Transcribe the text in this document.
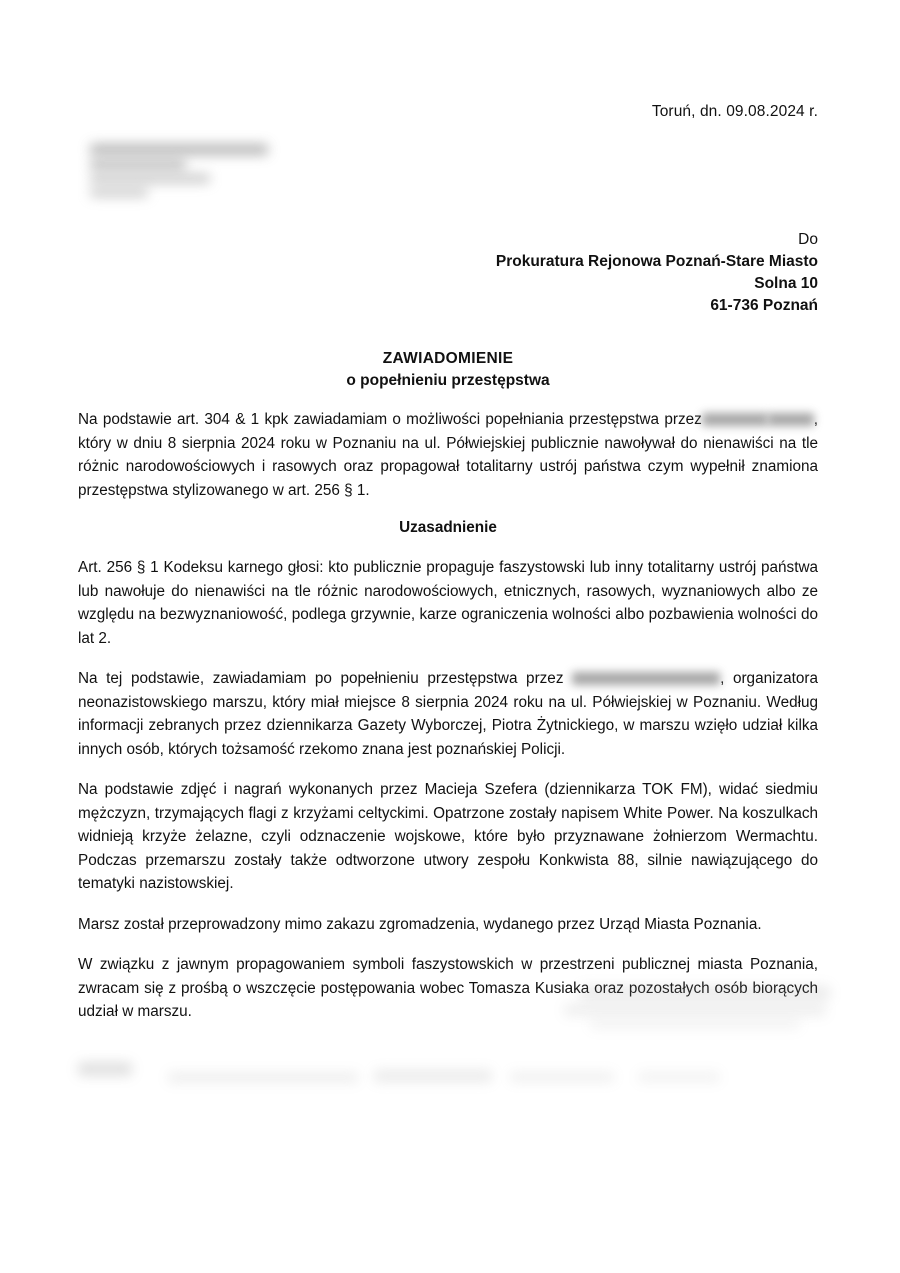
Toruń, dn. 09.08.2024 r.
Do
Prokuratura Rejonowa Poznań-Stare Miasto
Solna 10
61-736 Poznań
ZAWIADOMIENIE
o popełnieniu przestępstwa

Na podstawie art. 304 & 1 kpk zawiadamiam o możliwości popełniania przestępstwa przez	, który w dniu 8 sierpnia 2024 roku w Poznaniu na ul. Półwiejskiej publicznie nawoływał do nienawiści na tle różnic narodowościowych i rasowych oraz propagował totalitarny ustrój państwa czym wypełnił znamiona przestępstwa stylizowanego w art. 256 § 1.

Uzasadnienie

Art. 256 § 1 Kodeksu karnego głosi: kto publicznie propaguje faszystowski lub inny totalitarny ustrój państwa lub nawołuje do nienawiści na tle różnic narodowościowych, etnicznych, rasowych, wyznaniowych albo ze względu na bezwyznaniowość, podlega grzywnie, karze ograniczenia wolności albo pozbawienia wolności do lat 2.

Na tej podstawie, zawiadamiam po popełnieniu przestępstwa przez	, organizatora neonazistowskiego marszu, który miał miejsce 8 sierpnia 2024 roku na ul. Półwiejskiej w Poznaniu. Według informacji zebranych przez dziennikarza Gazety Wyborczej, Piotra Żytnickiego, w marszu wzięło udział kilka innych osób, których tożsamość rzekomo znana jest poznańskiej Policji.

Na podstawie zdjęć i nagrań wykonanych przez Macieja Szefera (dziennikarza TOK FM), widać siedmiu mężczyzn, trzymających flagi z krzyżami celtyckimi. Opatrzone zostały napisem White Power. Na koszulkach widnieją krzyże żelazne, czyli odznaczenie wojskowe, które było przyznawane żołnierzom Wermachtu. Podczas przemarszu zostały także odtworzone utwory zespołu Konkwista 88, silnie nawiązującego do tematyki nazistowskiej.

Marsz został przeprowadzony mimo zakazu zgromadzenia, wydanego przez Urząd Miasta Poznania.

W związku z jawnym propagowaniem symboli faszystowskich w przestrzeni publicznej miasta Poznania, zwracam się z prośbą o wszczęcie postępowania wobec Tomasza Kusiaka oraz pozostałych osób biorących udział w marszu.
